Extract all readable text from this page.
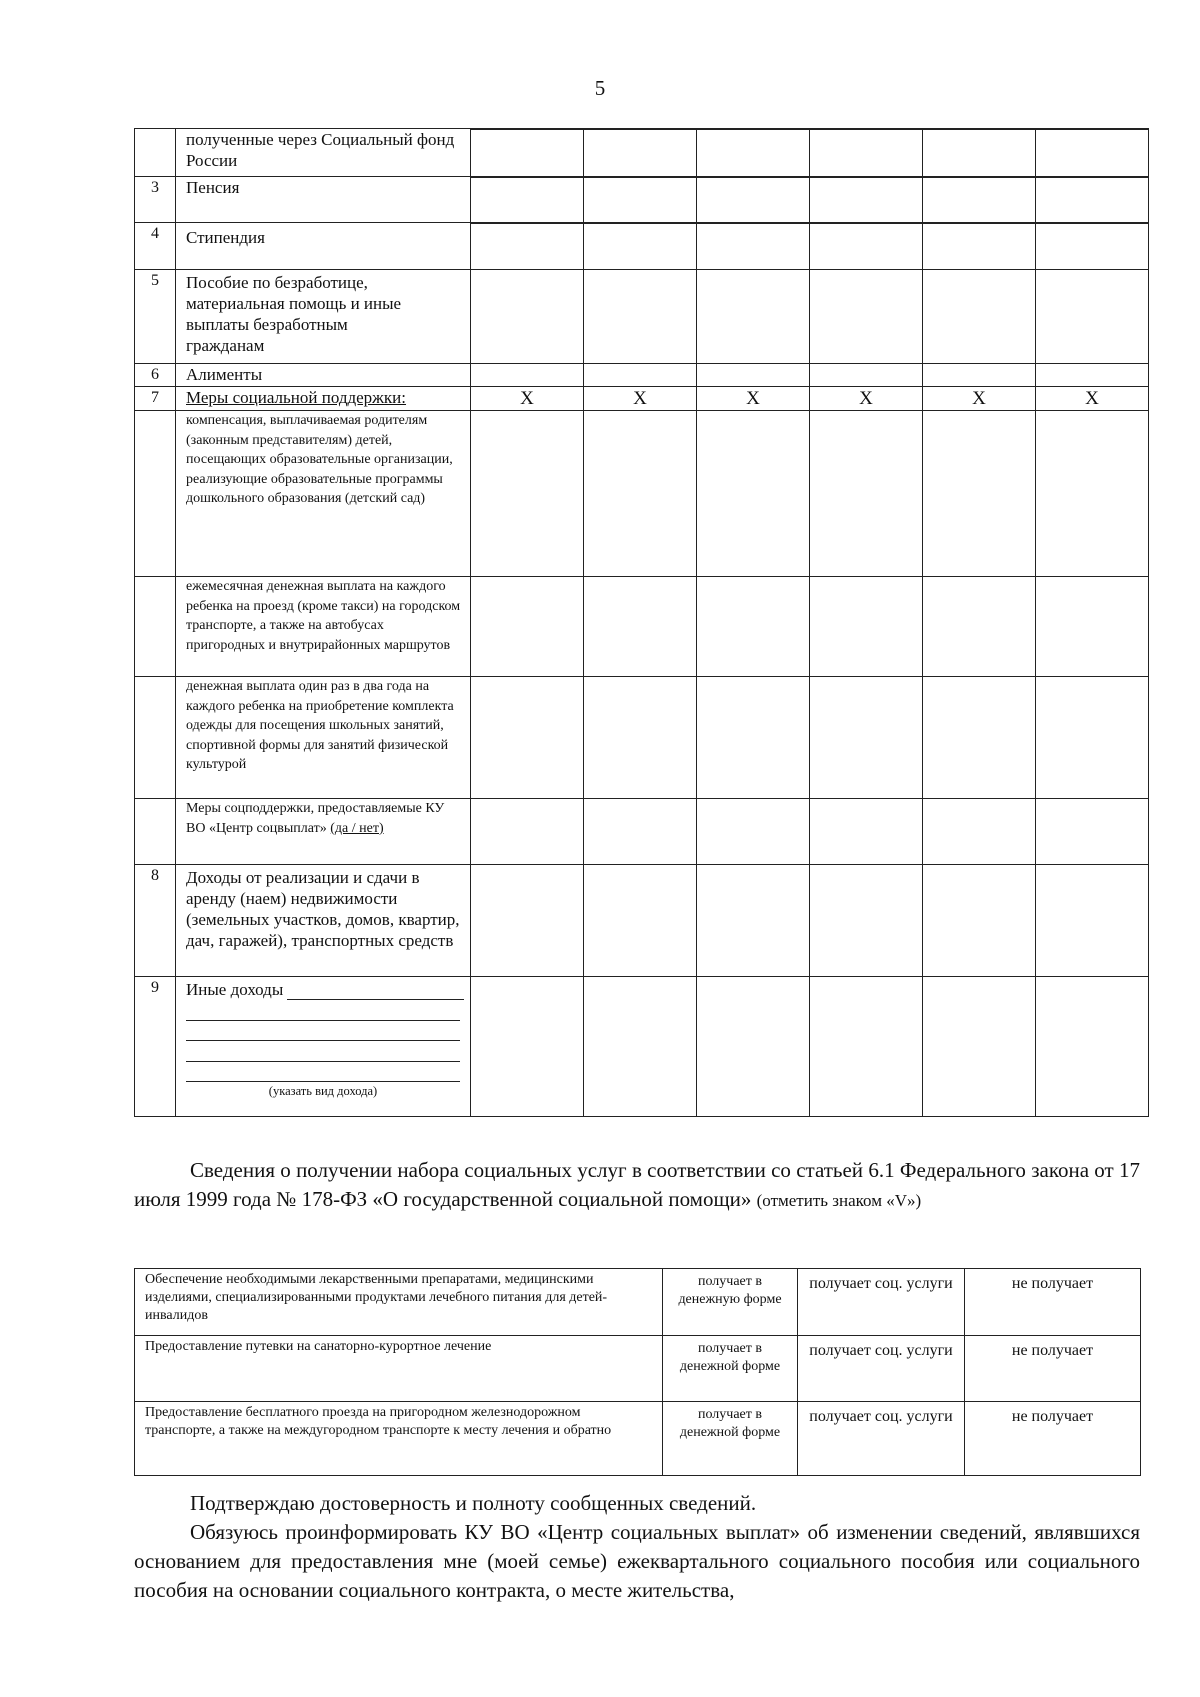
5

	полученные через Социальный фонд России						

3	Пенсия						

4	Стипендия						

5	Пособие по безработице, материальная помощь и иные выплаты безработным гражданам						

6	Алименты						

7	Меры социальной поддержки:	X	X	X	X	X	X

	компенсация, выплачиваемая родителям (законным представителям) детей, посещающих образовательные организации, реализующие образовательные программы дошкольного образования (детский сад)						

	ежемесячная денежная выплата на каждого ребенка на проезд (кроме такси) на городском транспорте, а также на автобусах пригородных и внутрирайонных маршрутов						

	денежная выплата один раз в два года на каждого ребенка на приобретение комплекта одежды для посещения школьных занятий, спортивной формы для занятий физической культурой						

	Меры соцподдержки, предоставляемые КУ ВО «Центр соцвыплат» (да / нет)						

8	Доходы от реализации и сдачи в аренду (наем) недвижимости (земельных участков, домов, квартир, дач, гаражей), транспортных средств						

9	Иные доходы
(указать вид дохода)						

Сведения о получении набора социальных услуг в соответствии со статьей 6.1 Федерального закона от 17 июля 1999 года № 178-ФЗ «О государственной социальной помощи» (отметить знаком «V»)
Обеспечение необходимыми лекарственными препаратами, медицинскими изделиями, специализированными продуктами лечебного питания для детей-инвалидов	получает в денежную форме	получает соц. услуги	не получает
Предоставление путевки на санаторно-курортное лечение	получает в денежной форме	получает соц. услуги	не получает
Предоставление бесплатного проезда на пригородном железнодорожном транспорте, а также на междугородном транспорте к месту лечения и обратно	получает в денежной форме	получает соц. услуги	не получает
Подтверждаю достоверность и полноту сообщенных сведений.
Обязуюсь проинформировать КУ ВО «Центр социальных выплат» об изменении сведений, являвшихся основанием для предоставления мне (моей семье) ежеквартального социального пособия или социального пособия на основании социального контракта, о месте жительства,
